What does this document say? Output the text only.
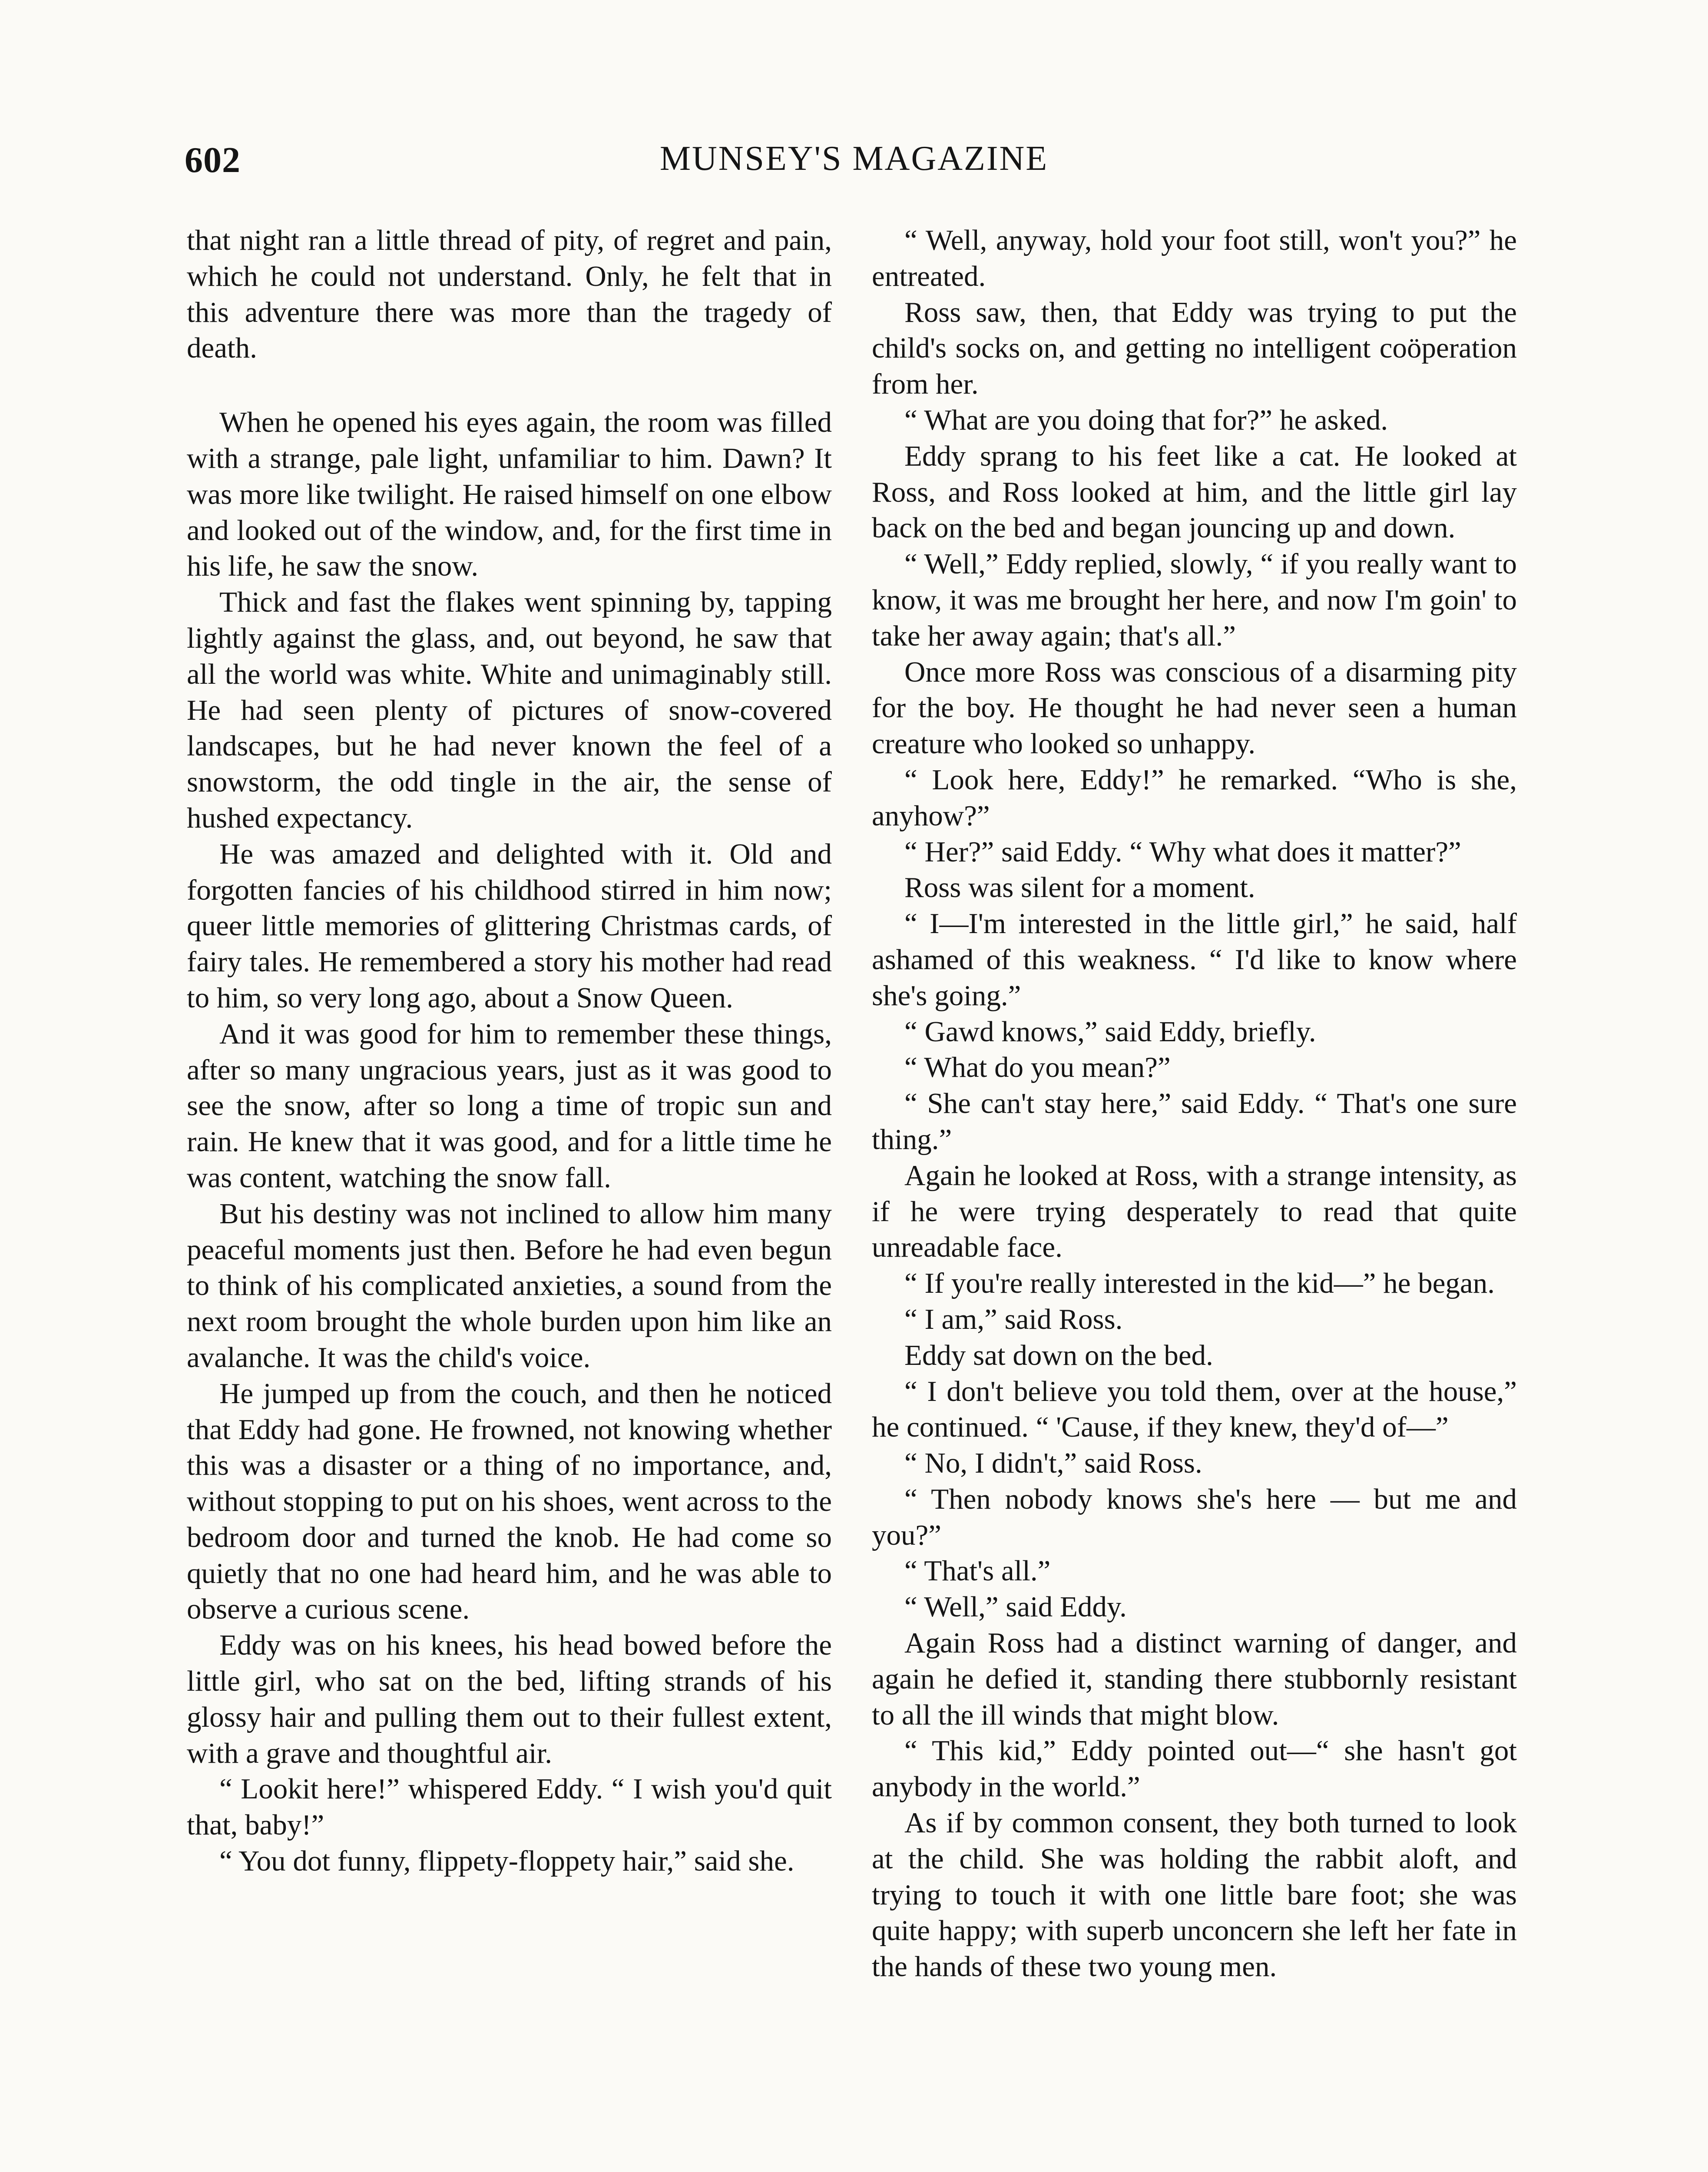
602	MUNSEY'S MAGAZINE

that night ran a little thread of pity, of regret and pain, which he could not understand. Only, he felt that in this adventure there was more than the tragedy of death.

When he opened his eyes again, the room was filled with a strange, pale light, unfamiliar to him. Dawn? It was more like twilight. He raised himself on one elbow and looked out of the window, and, for the first time in his life, he saw the snow.

Thick and fast the flakes went spinning by, tapping lightly against the glass, and, out beyond, he saw that all the world was white. White and unimaginably still. He had seen plenty of pictures of snow-covered landscapes, but he had never known the feel of a snowstorm, the odd tingle in the air, the sense of hushed expectancy.

He was amazed and delighted with it. Old and forgotten fancies of his childhood stirred in him now; queer little memories of glittering Christmas cards, of fairy tales. He remembered a story his mother had read to him, so very long ago, about a Snow Queen.

And it was good for him to remember these things, after so many ungracious years, just as it was good to see the snow, after so long a time of tropic sun and rain. He knew that it was good, and for a little time he was content, watching the snow fall.

But his destiny was not inclined to allow him many peaceful moments just then. Before he had even begun to think of his complicated anxieties, a sound from the next room brought the whole burden upon him like an avalanche. It was the child's voice.

He jumped up from the couch, and then he noticed that Eddy had gone. He frowned, not knowing whether this was a disaster or a thing of no importance, and, without stopping to put on his shoes, went across to the bedroom door and turned the knob. He had come so quietly that no one had heard him, and he was able to observe a curious scene.

Eddy was on his knees, his head bowed before the little girl, who sat on the bed, lifting strands of his glossy hair and pulling them out to their fullest extent, with a grave and thoughtful air.

“ Lookit here!” whispered Eddy. “ I wish you'd quit that, baby!”

“ You dot funny, flippety-floppety hair,” said she.

“ Well, anyway, hold your foot still, won't you?” he entreated.

Ross saw, then, that Eddy was trying to put the child's socks on, and getting no intelligent coöperation from her.

“ What are you doing that for?” he asked.

Eddy sprang to his feet like a cat. He looked at Ross, and Ross looked at him, and the little girl lay back on the bed and began jouncing up and down.

“ Well,” Eddy replied, slowly, “ if you really want to know, it was me brought her here, and now I'm goin' to take her away again; that's all.”

Once more Ross was conscious of a disarming pity for the boy. He thought he had never seen a human creature who looked so unhappy.

“ Look here, Eddy!” he remarked. “Who is she, anyhow?”

“ Her?” said Eddy. “ Why what does it matter?”

Ross was silent for a moment.

“ I—I'm interested in the little girl,” he said, half ashamed of this weakness. “ I'd like to know where she's going.”

“ Gawd knows,” said Eddy, briefly.

“ What do you mean?”

“ She can't stay here,” said Eddy. “ That's one sure thing.”

Again he looked at Ross, with a strange intensity, as if he were trying desperately to read that quite unreadable face.

“ If you're really interested in the kid—” he began.

“ I am,” said Ross.

Eddy sat down on the bed.

“ I don't believe you told them, over at the house,” he continued. “ 'Cause, if they knew, they'd of—”

“ No, I didn't,” said Ross.

“ Then nobody knows she's here — but me and you?”

“ That's all.”

“ Well,” said Eddy.

Again Ross had a distinct warning of danger, and again he defied it, standing there stubbornly resistant to all the ill winds that might blow.

“ This kid,” Eddy pointed out—“ she hasn't got anybody in the world.”

As if by common consent, they both turned to look at the child. She was holding the rabbit aloft, and trying to touch it with one little bare foot; she was quite happy; with superb unconcern she left her fate in the hands of these two young men.
